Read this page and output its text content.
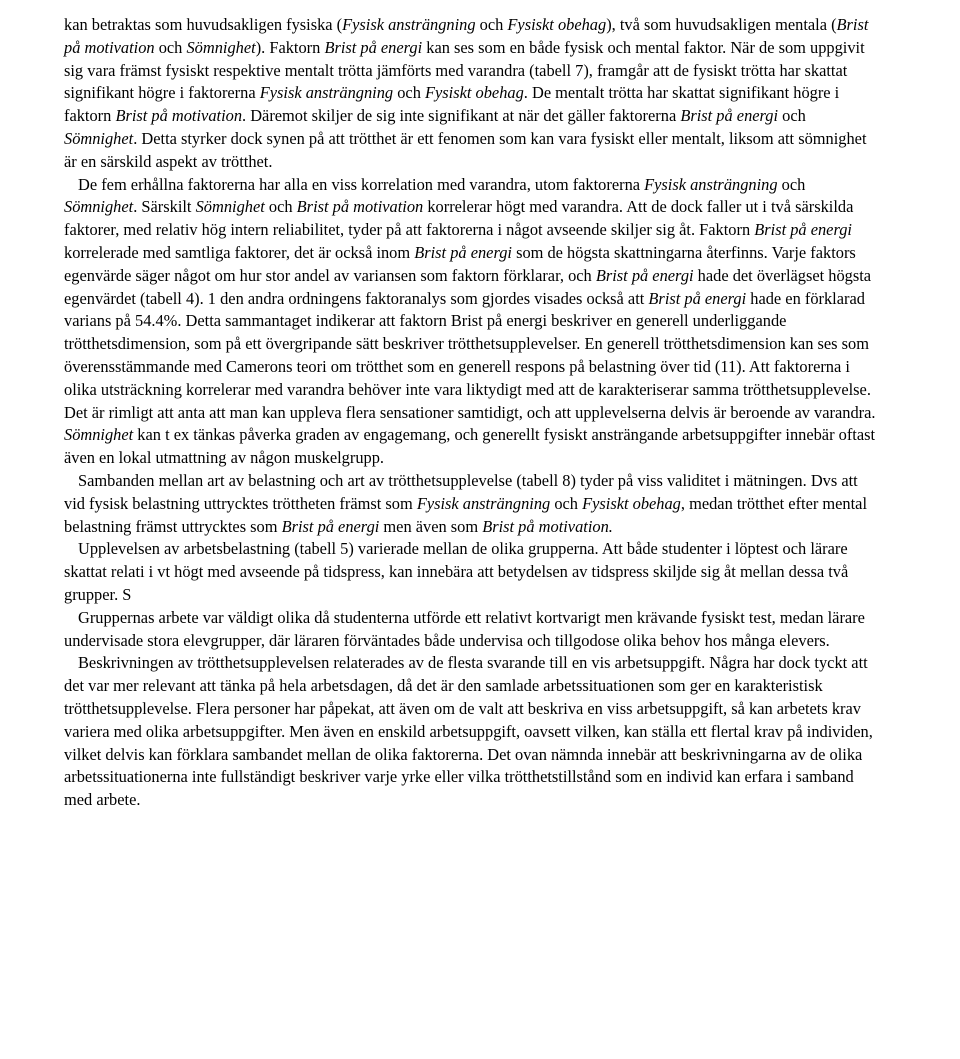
kan betraktas som huvudsakligen fysiska (Fysisk ansträngning och Fysiskt obehag), två som huvudsakligen mentala (Brist på motivation och Sömnighet). Faktorn Brist på energi kan ses som en både fysisk och mental faktor. När de som uppgivit sig vara främst fysiskt respektive mentalt trötta jämförts med varandra (tabell 7), framgår att de fysiskt trötta har skattat signifikant högre i faktorerna Fysisk ansträngning och Fysiskt obehag. De mentalt trötta har skattat signifikant högre i faktorn Brist på motivation. Däremot skiljer de sig inte signifikant at när det gäller faktorerna Brist på energi och Sömnighet. Detta styrker dock synen på att trötthet är ett fenomen som kan vara fysiskt eller mentalt, liksom att sömnighet är en särskild aspekt av trötthet.

De fem erhållna faktorerna har alla en viss korrelation med varandra, utom faktorerna Fysisk ansträngning och Sömnighet. Särskilt Sömnighet och Brist på motivation korrelerar högt med varandra. Att de dock faller ut i två särskilda faktorer, med relativ hög intern reliabilitet, tyder på att faktorerna i något avseende skiljer sig åt. Faktorn Brist på energi korrelerade med samtliga faktorer, det är också inom Brist på energi som de högsta skattningarna återfinns. Varje faktors egenvärde säger något om hur stor andel av variansen som faktorn förklarar, och Brist på energi hade det överlägset högsta egenvärdet (tabell 4). 1 den andra ordningens faktoranalys som gjordes visades också att Brist på energi hade en förklarad varians på 54.4%. Detta sammantaget indikerar att faktorn Brist på energi beskriver en generell underliggande trötthetsdimension, som på ett övergripande sätt beskriver trötthetsupplevelser. En generell trötthetsdimension kan ses som överensstämmande med Camerons teori om trötthet som en generell respons på belastning över tid (11). Att faktorerna i olika utsträckning korrelerar med varandra behöver inte vara liktydigt med att de karakteriserar samma trötthetsupplevelse. Det är rimligt att anta att man kan uppleva flera sensationer samtidigt, och att upplevelserna delvis är beroende av varandra. Sömnighet kan t ex tänkas påverka graden av engagemang, och generellt fysiskt ansträngande arbetsuppgifter innebär oftast även en lokal utmattning av någon muskelgrupp.

Sambanden mellan art av belastning och art av trötthetsupplevelse (tabell 8) tyder på viss validitet i mätningen. Dvs att vid fysisk belastning uttrycktes tröttheten främst som Fysisk ansträngning och Fysiskt obehag, medan trötthet efter mental belastning främst uttrycktes som Brist på energi men även som Brist på motivation.

Upplevelsen av arbetsbelastning (tabell 5) varierade mellan de olika grupperna. Att både studenter i löptest och lärare skattat relati i vt högt med avseende på tidspress, kan innebära att betydelsen av tidspress skiljde sig åt mellan dessa två grupper. S

Gruppernas arbete var väldigt olika då studenterna utförde ett relativt kortvarigt men krävande fysiskt test, medan lärare undervisade stora elevgrupper, där läraren förväntades både undervisa och tillgodose olika behov hos många elevers.

Beskrivningen av trötthetsupplevelsen relaterades av de flesta svarande till en vis arbetsuppgift. Några har dock tyckt att det var mer relevant att tänka på hela arbetsdagen, då det är den samlade arbetssituationen som ger en karakteristisk trötthetsupplevelse. Flera personer har påpekat, att även om de valt att beskriva en viss arbetsuppgift, så kan arbetets krav variera med olika arbetsuppgifter. Men även en enskild arbetsuppgift, oavsett vilken, kan ställa ett flertal krav på individen, vilket delvis kan förklara sambandet mellan de olika faktorerna. Det ovan nämnda innebär att beskrivningarna av de olika arbetssituationerna inte fullständigt beskriver varje yrke eller vilka trötthetstillstånd som en individ kan erfara i samband med arbete.
